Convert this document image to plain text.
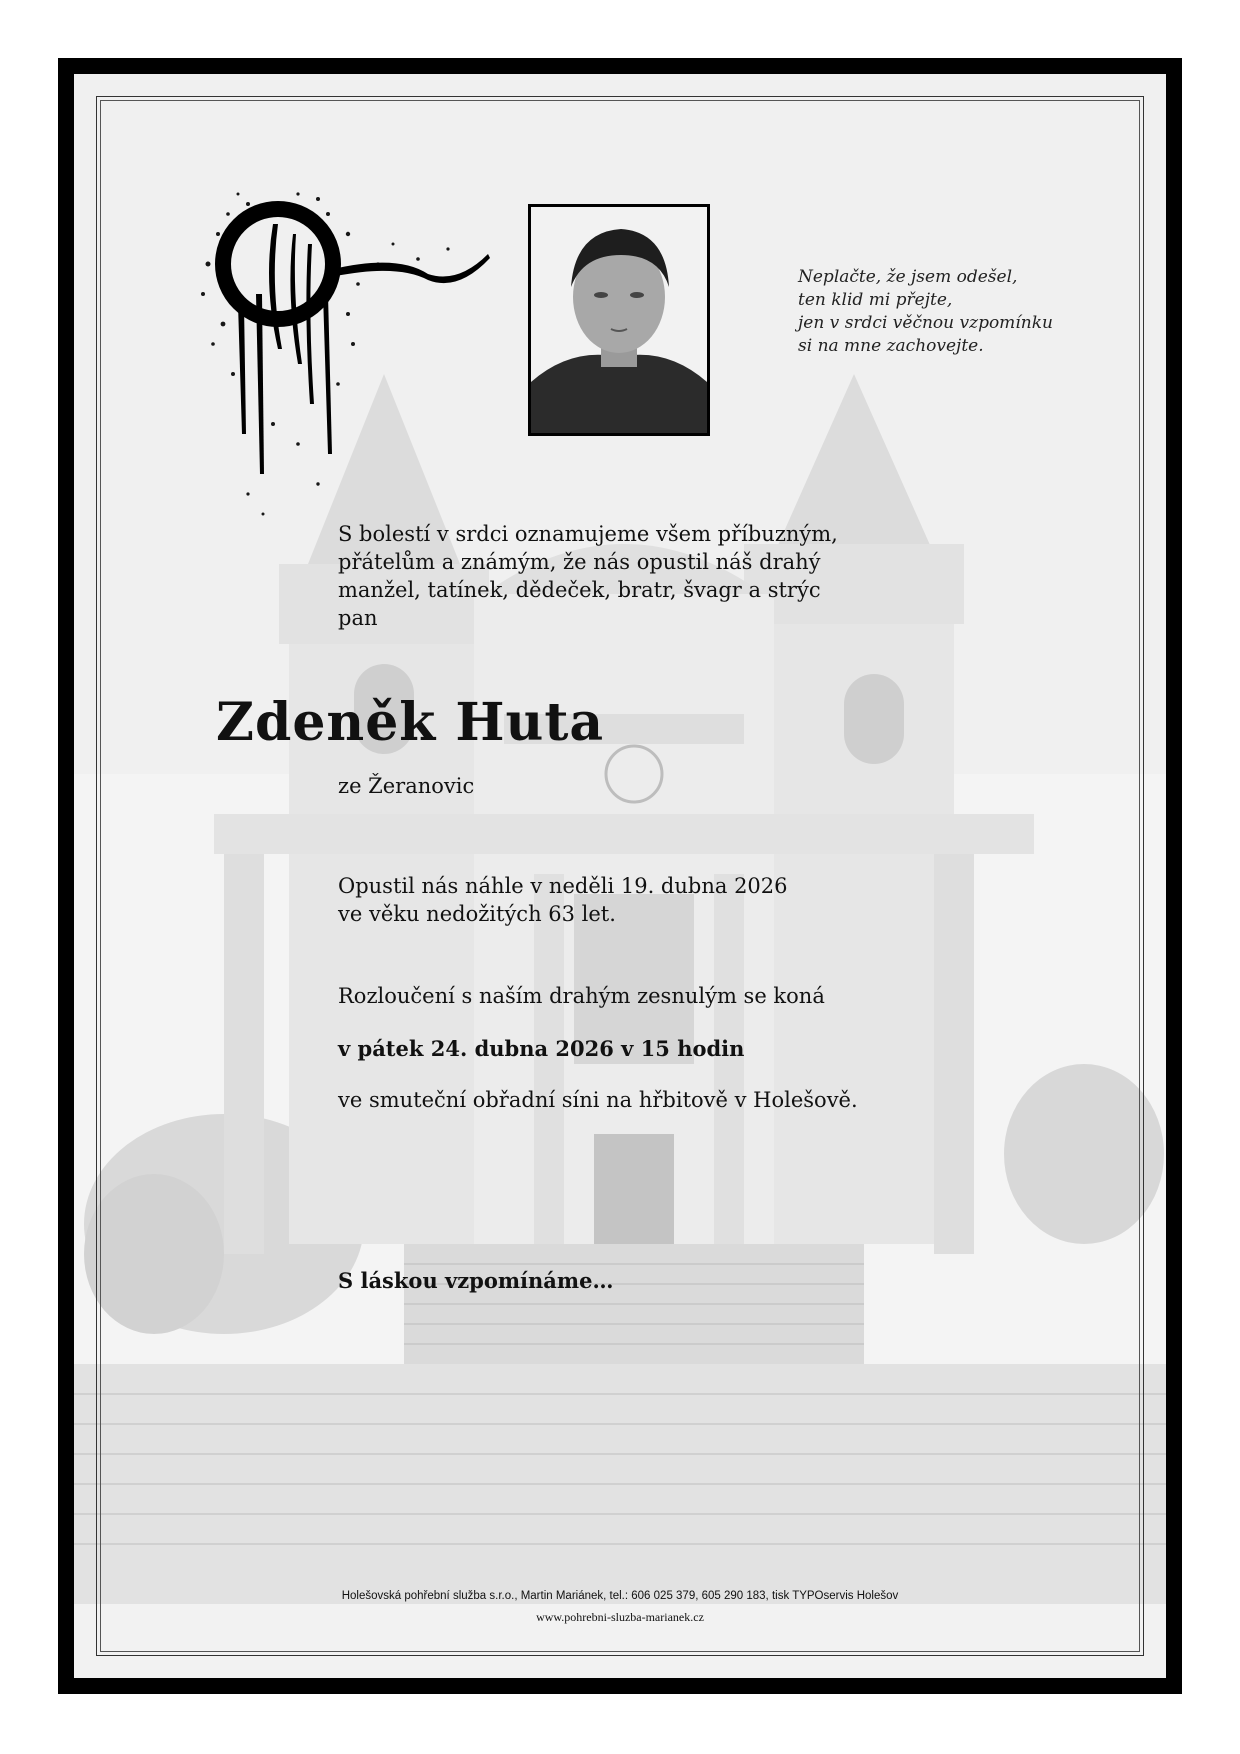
Neplačte, že jsem odešel,
ten klid mi přejte,
jen v srdci věčnou vzpomínku
si na mne zachovejte.
S bolestí v srdci oznamujeme všem příbuzným,
přátelům a známým, že nás opustil náš drahý
manžel, tatínek, dědeček, bratr, švagr a strýc
pan
Zdeněk Huta
ze Žeranovic
Opustil nás náhle v neděli 19. dubna 2026
ve věku nedožitých 63 let.
Rozloučení s naším drahým zesnulým se koná
v pátek 24. dubna 2026 v 15 hodin
ve smuteční obřadní síni na hřbitově v Holešově.
S láskou vzpomínáme…
Holešovská pohřební služba s.r.o., Martin Mariánek, tel.: 606 025 379, 605 290 183, tisk TYPOservis Holešov
www.pohrebni-sluzba-marianek.cz
